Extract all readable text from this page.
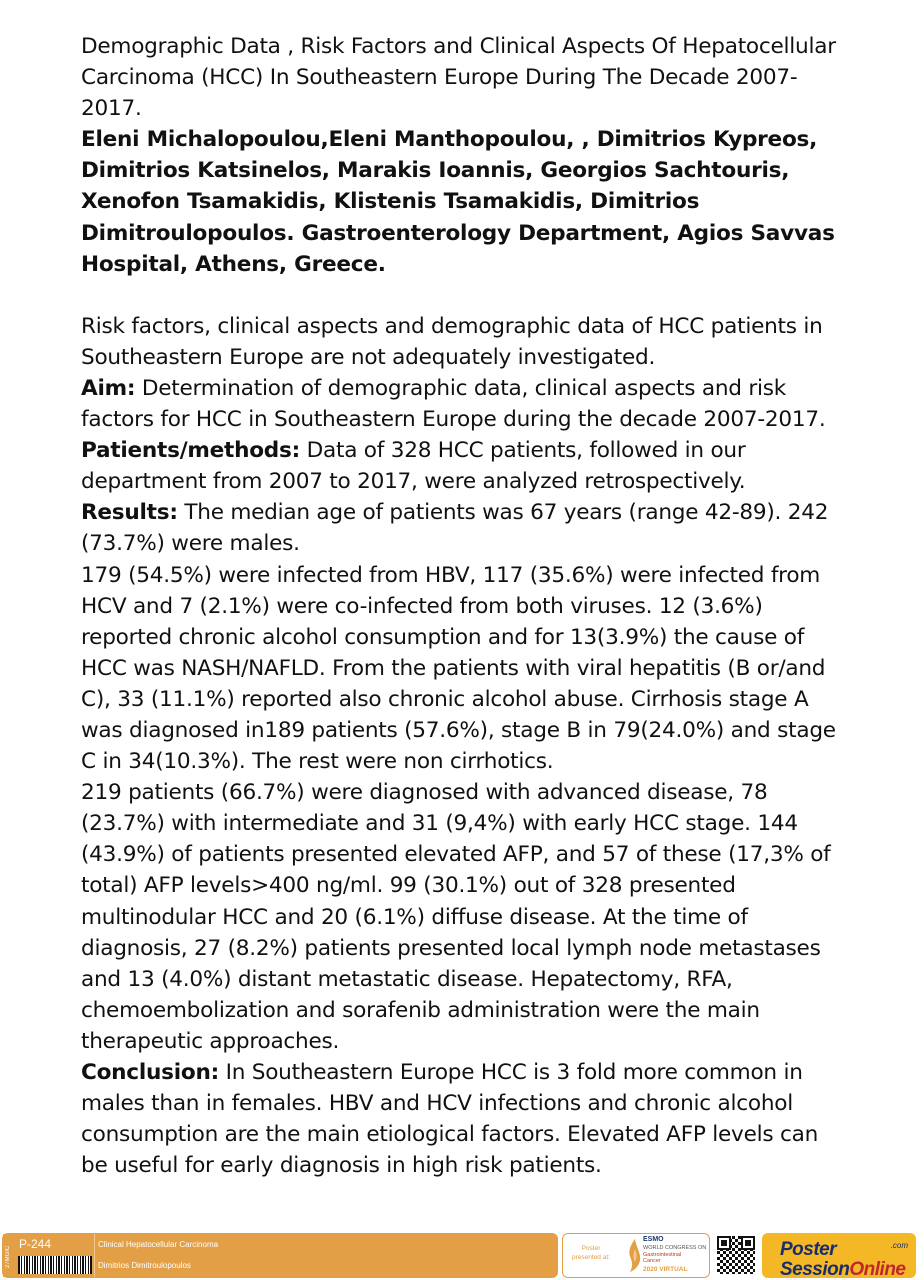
Demographic Data , Risk Factors and Clinical Aspects Of Hepatocellular Carcinoma (HCC) In Southeastern Europe During The Decade 2007-2017.

Eleni Michalopoulou,Eleni Manthopoulou, , Dimitrios Kypreos, Dimitrios Katsinelos, Marakis Ioannis, Georgios Sachtouris, Xenofon Tsamakidis, Klistenis Tsamakidis, Dimitrios Dimitroulopoulos. Gastroenterology Department, Agios Savvas Hospital, Athens, Greece.

Risk factors, clinical aspects and demographic data of HCC patients in Southeastern Europe are not adequately investigated.

Aim: Determination of demographic data, clinical aspects and risk factors for HCC in Southeastern Europe during the decade 2007-2017.

Patients/methods: Data of 328 HCC patients, followed in our department from 2007 to 2017, were analyzed retrospectively.

Results: The median age of patients was 67 years (range 42-89). 242 (73.7%) were males.

179 (54.5%) were infected from HBV, 117 (35.6%) were infected from HCV and 7 (2.1%) were co-infected from both viruses. 12 (3.6%) reported chronic alcohol consumption and for 13(3.9%) the cause of HCC was NASH/NAFLD. From the patients with viral hepatitis (B or/and C), 33 (11.1%) reported also chronic alcohol abuse. Cirrhosis stage A was diagnosed in189 patients (57.6%), stage B in 79(24.0%) and stage C in 34(10.3%). The rest were non cirrhotics.

219 patients (66.7%) were diagnosed with advanced disease, 78 (23.7%) with intermediate and 31 (9,4%) with early HCC stage. 144 (43.9%) of patients presented elevated AFP, and 57 of these (17,3% of total) AFP levels>400 ng/ml. 99 (30.1%) out of 328 presented multinodular HCC and 20 (6.1%) diffuse disease. At the time of diagnosis, 27 (8.2%) patients presented local lymph node metastases and 13 (4.0%) distant metastatic disease. Hepatectomy, RFA, chemoembolization and sorafenib administration were the main therapeutic approaches.

Conclusion: In Southeastern Europe HCC is 3 fold more common in males than in females. HBV and HCV infections and chronic alcohol consumption are the main etiological factors. Elevated AFP levels can be useful for early diagnosis in high risk patients.

27MGIC
P-244	Clinical Hepatocellular Carcinoma
Dimitrios Dimitroulopoulos
Poster presented at:
ESMO
WORLD CONGRESS ON
Gastrointestinal
Cancer
2020 VIRTUAL
Poster
SessionOnline
.com
